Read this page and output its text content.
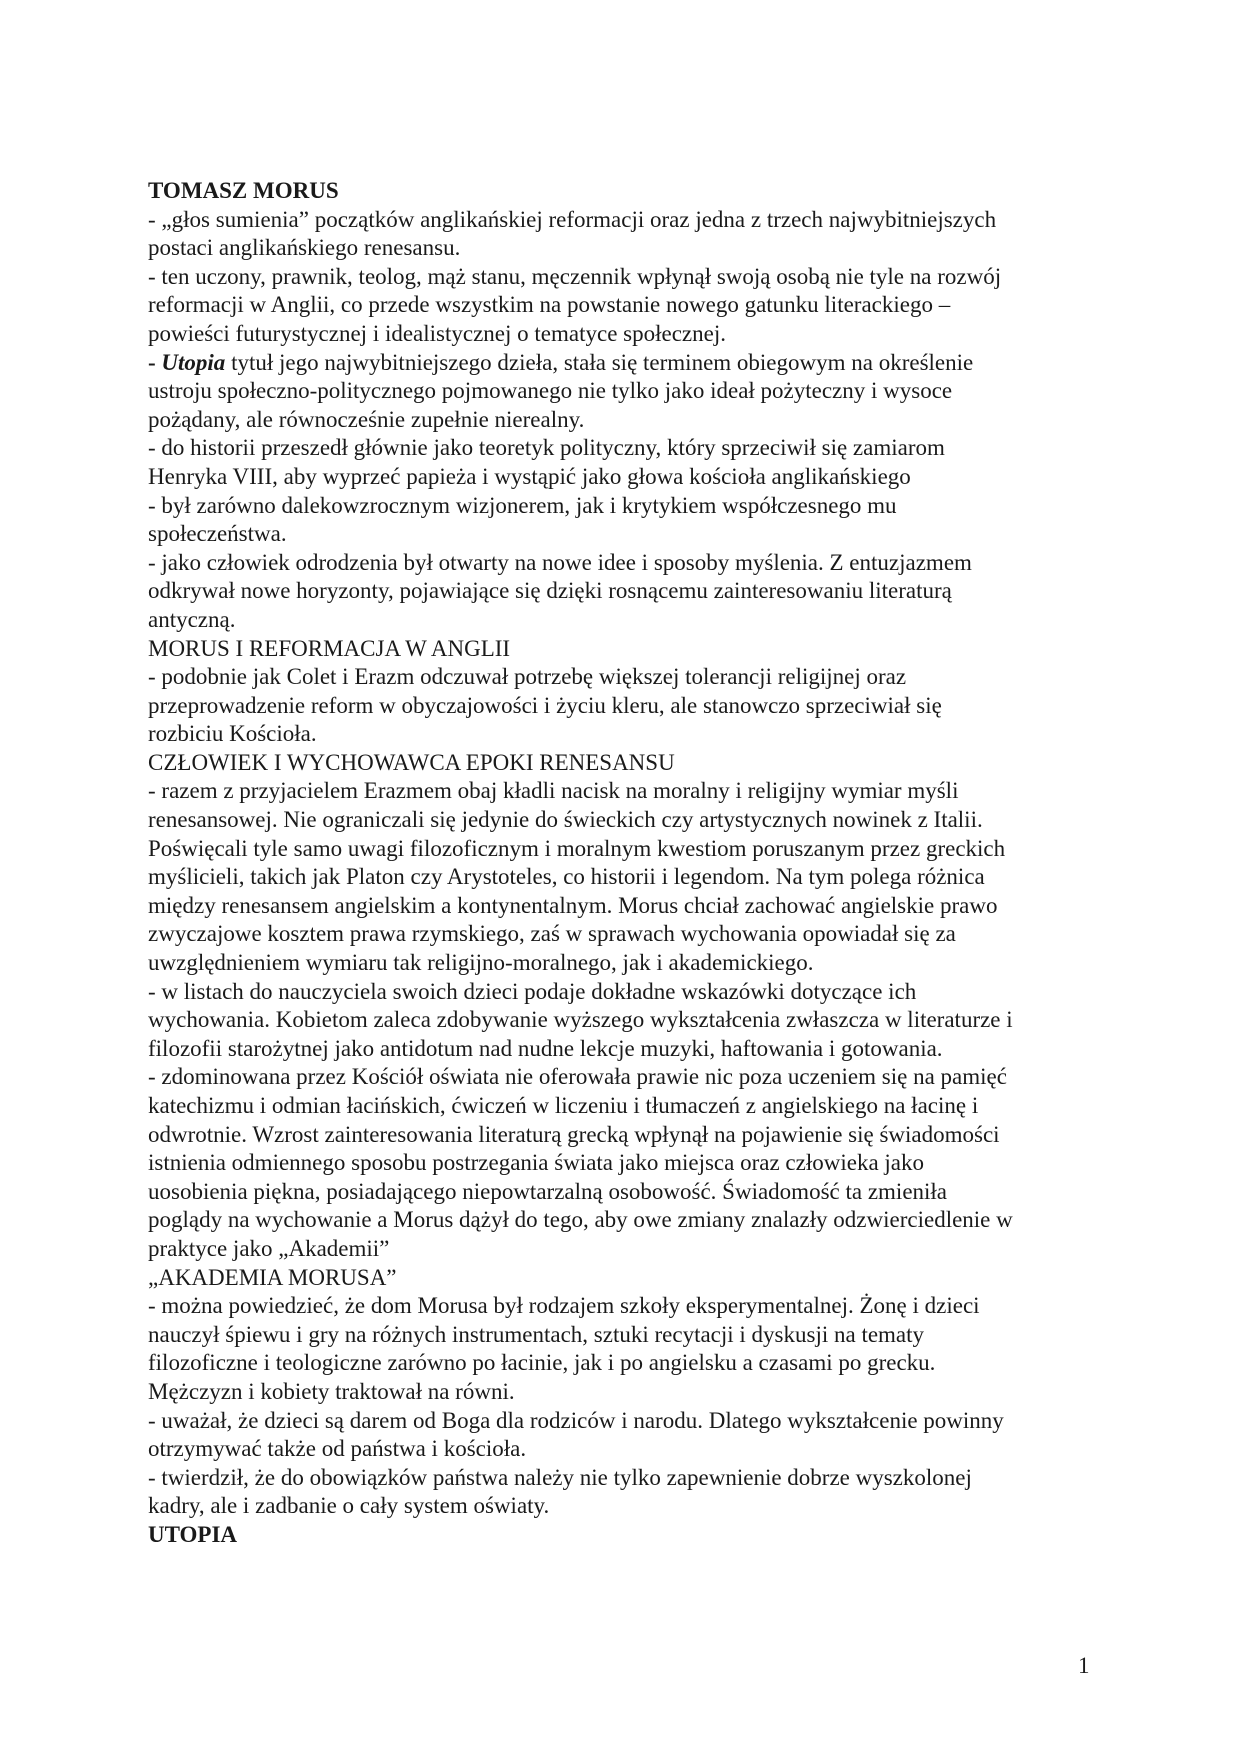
TOMASZ MORUS
- „głos sumienia” początków anglikańskiej reformacji oraz jedna z trzech najwybitniejszych
postaci anglikańskiego renesansu.
- ten uczony, prawnik, teolog, mąż stanu, męczennik wpłynął swoją osobą nie tyle na rozwój
reformacji w Anglii, co przede wszystkim na powstanie nowego gatunku literackiego –
powieści futurystycznej i idealistycznej o tematyce społecznej.
- Utopia tytuł jego najwybitniejszego dzieła, stała się terminem obiegowym na określenie
ustroju społeczno-politycznego pojmowanego nie tylko jako ideał pożyteczny i wysoce
pożądany, ale równocześnie zupełnie nierealny.
- do historii przeszedł głównie jako teoretyk polityczny, który sprzeciwił się zamiarom
Henryka VIII, aby wyprzeć papieża i wystąpić jako głowa kościoła anglikańskiego
- był zarówno dalekowzrocznym wizjonerem, jak i krytykiem współczesnego mu
społeczeństwa.
- jako człowiek odrodzenia był otwarty na nowe idee i sposoby myślenia. Z entuzjazmem
odkrywał nowe horyzonty, pojawiające się dzięki rosnącemu zainteresowaniu literaturą
antyczną.
MORUS I REFORMACJA W ANGLII
- podobnie jak Colet i Erazm odczuwał potrzebę większej tolerancji religijnej oraz
przeprowadzenie reform w obyczajowości i życiu kleru, ale stanowczo sprzeciwiał się
rozbiciu Kościoła.
CZŁOWIEK I WYCHOWAWCA EPOKI RENESANSU
- razem z przyjacielem Erazmem obaj kładli nacisk na moralny i religijny wymiar myśli
renesansowej. Nie ograniczali się jedynie do świeckich czy artystycznych nowinek z Italii.
Poświęcali tyle samo uwagi filozoficznym i moralnym kwestiom poruszanym przez greckich
myślicieli, takich jak Platon czy Arystoteles, co historii i legendom. Na tym polega różnica
między renesansem angielskim a kontynentalnym. Morus chciał zachować angielskie prawo
zwyczajowe kosztem prawa rzymskiego, zaś w sprawach wychowania opowiadał się za
uwzględnieniem wymiaru tak religijno-moralnego, jak i akademickiego.
- w listach do nauczyciela swoich dzieci podaje dokładne wskazówki dotyczące ich
wychowania. Kobietom zaleca zdobywanie wyższego wykształcenia zwłaszcza w literaturze i
filozofii starożytnej jako antidotum nad nudne lekcje muzyki, haftowania i gotowania.
- zdominowana przez Kościół oświata nie oferowała prawie nic poza uczeniem się na pamięć
katechizmu i odmian łacińskich, ćwiczeń w liczeniu i tłumaczeń z angielskiego na łacinę i
odwrotnie. Wzrost zainteresowania literaturą grecką wpłynął na pojawienie się świadomości
istnienia odmiennego sposobu postrzegania świata jako miejsca oraz człowieka jako
uosobienia piękna, posiadającego niepowtarzalną osobowość. Świadomość ta zmieniła
poglądy na wychowanie a Morus dążył do tego, aby owe zmiany znalazły odzwierciedlenie w
praktyce jako „Akademii”
„AKADEMIA MORUSA”
- można powiedzieć, że dom Morusa był rodzajem szkoły eksperymentalnej. Żonę i dzieci
nauczył śpiewu i gry na różnych instrumentach, sztuki recytacji i dyskusji na tematy
filozoficzne i teologiczne zarówno po łacinie, jak i po angielsku a czasami po grecku.
Mężczyzn i kobiety traktował na równi.
- uważał, że dzieci są darem od Boga dla rodziców i narodu. Dlatego wykształcenie powinny
otrzymywać także od państwa i kościoła.
- twierdził, że do obowiązków państwa należy nie tylko zapewnienie dobrze wyszkolonej
kadry, ale i zadbanie o cały system oświaty.
UTOPIA
1
